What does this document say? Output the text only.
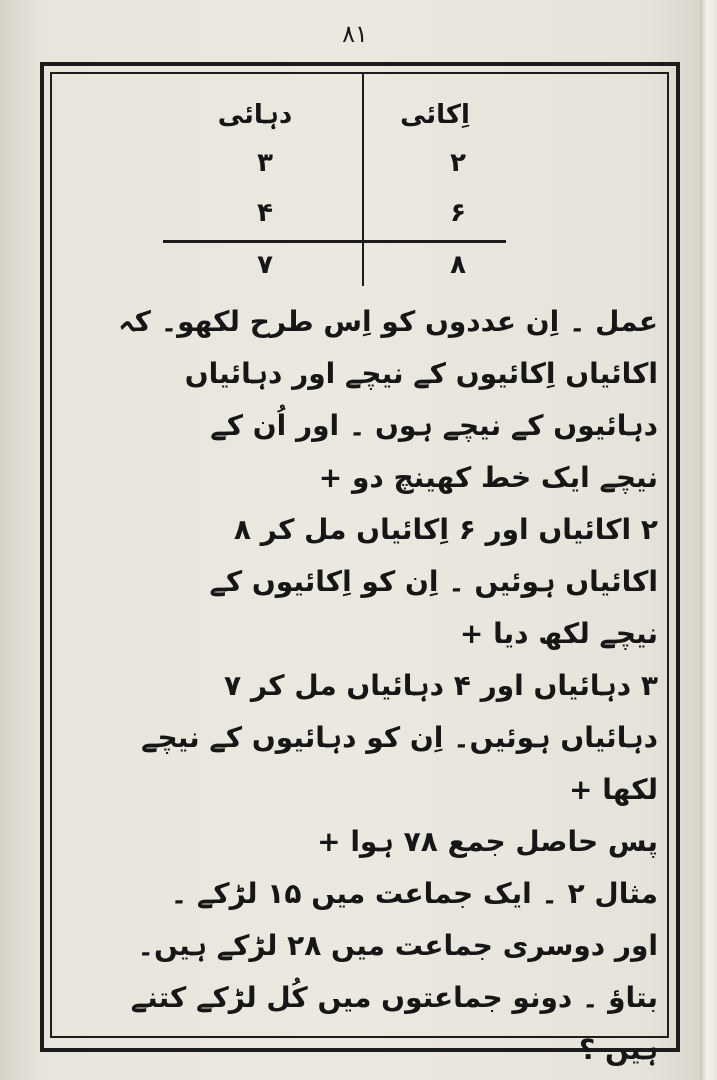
۸۱
اِکائی
دہائی
۲
۳
۶
۴
۸
۷
عمل ۔ اِن عددوں کو اِس طرح لکھو۔ کہ
اکائیاں اِکائیوں کے نیچے اور دہائیاں
دہائیوں کے نیچے ہوں ۔ اور اُن کے
نیچے ایک خط کھینچ دو +
۲ اکائیاں اور ۶ اِکائیاں مل کر ۸
اکائیاں ہوئیں ۔ اِن کو اِکائیوں کے
نیچے لکھ دیا +
۳ دہائیاں اور ۴ دہائیاں مل کر ۷
دہائیاں ہوئیں۔ اِن کو دہائیوں کے نیچے
لکھا +
پس حاصل جمع ۷۸ ہوا +
مثال ۲ ۔ ایک جماعت میں ۱۵ لڑکے ۔
اور دوسری جماعت میں ۲۸ لڑکے ہیں۔
بتاؤ ۔ دونو جماعتوں میں کُل لڑکے کتنے
ہیں ؟
